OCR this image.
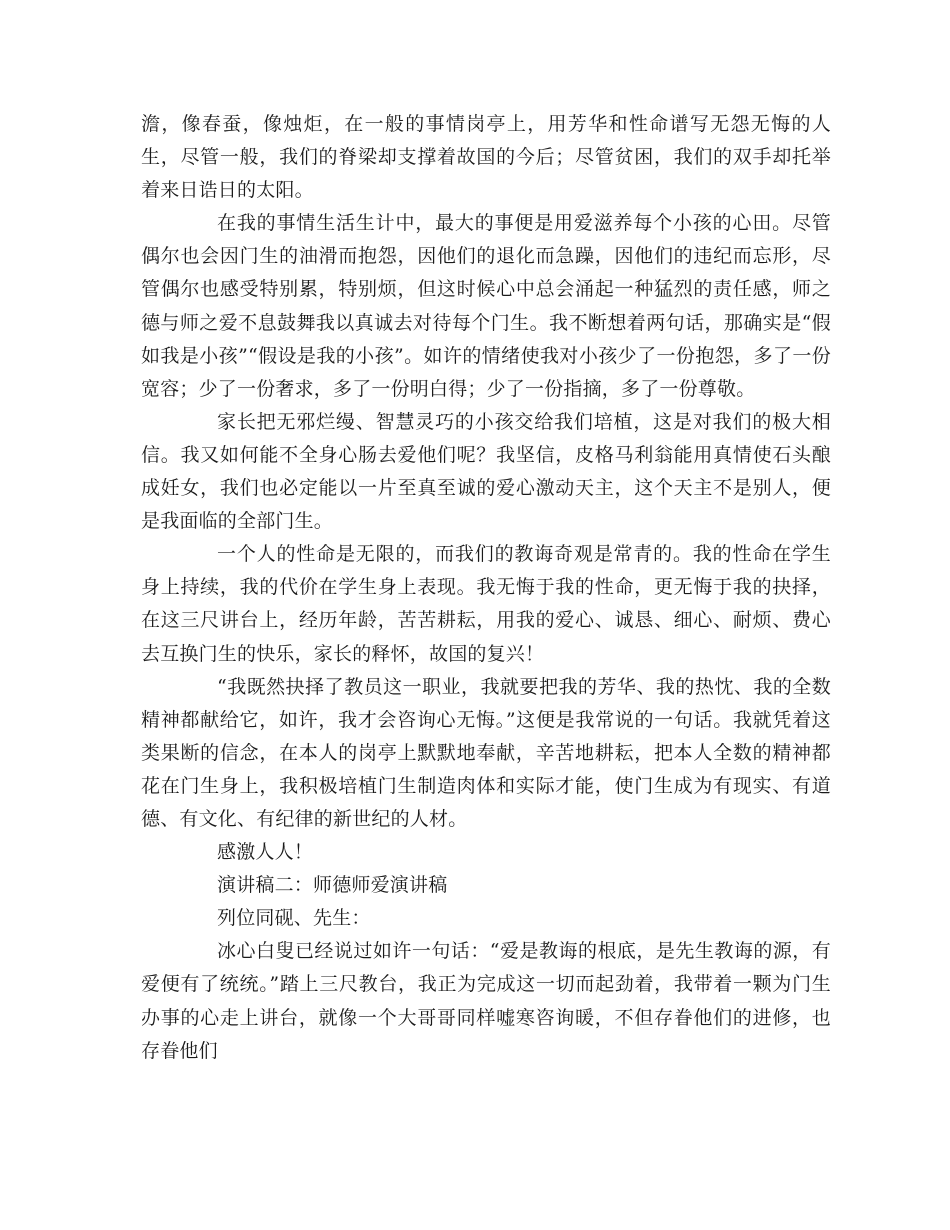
澹，像春蚕，像烛炬，在一般的事情岗亭上，用芳华和性命谱写无怨无悔的人生，尽管一般，我们的脊梁却支撑着故国的今后；尽管贫困，我们的双手却托举着来日诰日的太阳。

在我的事情生活生计中，最大的事便是用爱滋养每个小孩的心田。尽管偶尔也会因门生的油滑而抱怨，因他们的退化而急躁，因他们的违纪而忘形，尽管偶尔也感受特别累，特别烦，但这时候心中总会涌起一种猛烈的责任感，师之德与师之爱不息鼓舞我以真诚去对待每个门生。我不断想着两句话，那确实是“假如我是小孩”“假设是我的小孩”。如许的情绪使我对小孩少了一份抱怨，多了一份宽容；少了一份奢求，多了一份明白得；少了一份指摘，多了一份尊敬。

家长把无邪烂缦、智慧灵巧的小孩交给我们培植，这是对我们的极大相信。我又如何能不全身心肠去爱他们呢？我坚信，皮格马利翁能用真情使石头酿成妊女，我们也必定能以一片至真至诚的爱心激动天主，这个天主不是别人，便是我面临的全部门生。

一个人的性命是无限的，而我们的教诲奇观是常青的。我的性命在学生身上持续，我的代价在学生身上表现。我无悔于我的性命，更无悔于我的抉择，在这三尺讲台上，经历年龄，苦苦耕耘，用我的爱心、诚恳、细心、耐烦、费心去互换门生的快乐，家长的释怀，故国的复兴！

“我既然抉择了教员这一职业，我就要把我的芳华、我的热忱、我的全数精神都献给它，如许，我才会咨询心无悔。”这便是我常说的一句话。我就凭着这类果断的信念，在本人的岗亭上默默地奉献，辛苦地耕耘，把本人全数的精神都花在门生身上，我积极培植门生制造肉体和实际才能，使门生成为有现实、有道德、有文化、有纪律的新世纪的人材。

感激人人！

演讲稿二：师德师爱演讲稿

列位同砚、先生：

冰心白叟已经说过如许一句话：“爱是教诲的根底，是先生教诲的源，有爱便有了统统。”踏上三尺教台，我正为完成这一切而起劲着，我带着一颗为门生办事的心走上讲台，就像一个大哥哥同样嘘寒咨询暖，不但存眷他们的进修，也存眷他们
